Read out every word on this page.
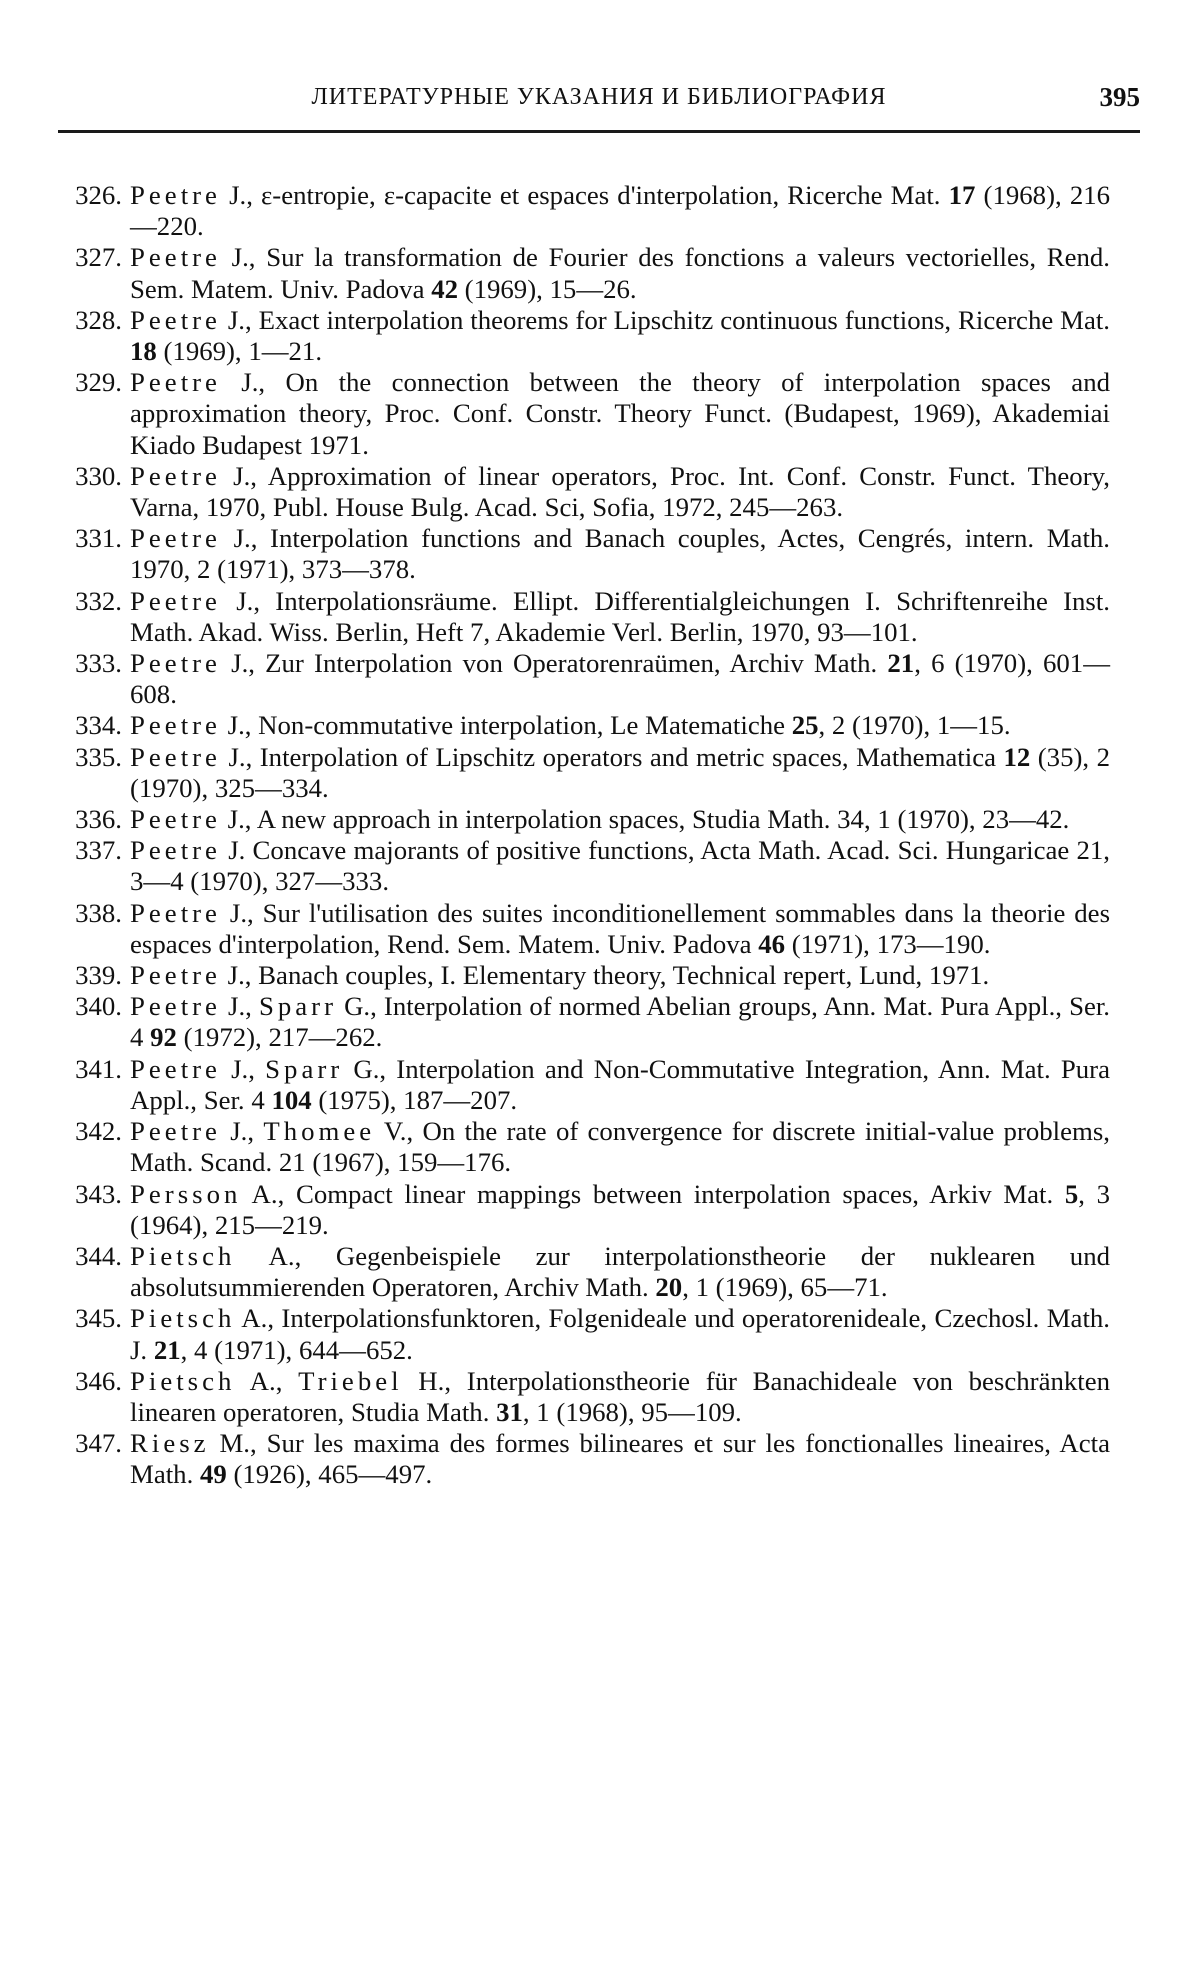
ЛИТЕРАТУРНЫЕ УКАЗАНИЯ И БИБЛИОГРАФИЯ	395
326. Peetre J., ε-entropie, ε-capacite et espaces d'interpolation, Ricerche Mat. 17 (1968), 216—220.
327. Peetre J., Sur la transformation de Fourier des fonctions a valeurs vectorielles, Rend. Sem. Matem. Univ. Padova 42 (1969), 15—26.
328. Peetre J., Exact interpolation theorems for Lipschitz continuous functions, Ricerche Mat. 18 (1969), 1—21.
329. Peetre J., On the connection between the theory of interpolation spaces and approximation theory, Proc. Conf. Constr. Theory Funct. (Budapest, 1969), Akademiai Kiado Budapest 1971.
330. Peetre J., Approximation of linear operators, Proc. Int. Conf. Constr. Funct. Theory, Varna, 1970, Publ. House Bulg. Acad. Sci, Sofia, 1972, 245—263.
331. Peetre J., Interpolation functions and Banach couples, Actes, Cengrés, intern. Math. 1970, 2 (1971), 373—378.
332. Peetre J., Interpolationsräume. Ellipt. Differentialgleichungen I. Schriftenreihe Inst. Math. Akad. Wiss. Berlin, Heft 7, Akademie Verl. Berlin, 1970, 93—101.
333. Peetre J., Zur Interpolation von Operatorenraümen, Archiv Math. 21, 6 (1970), 601—608.
334. Peetre J., Non-commutative interpolation, Le Matematiche 25, 2 (1970), 1—15.
335. Peetre J., Interpolation of Lipschitz operators and metric spaces, Mathematica 12 (35), 2 (1970), 325—334.
336. Peetre J., A new approach in interpolation spaces, Studia Math. 34, 1 (1970), 23—42.
337. Peetre J. Concave majorants of positive functions, Acta Math. Acad. Sci. Hungaricae 21, 3—4 (1970), 327—333.
338. Peetre J., Sur l'utilisation des suites inconditionellement sommables dans la theorie des espaces d'interpolation, Rend. Sem. Matem. Univ. Padova 46 (1971), 173—190.
339. Peetre J., Banach couples, I. Elementary theory, Technical repert, Lund, 1971.
340. Peetre J., Sparr G., Interpolation of normed Abelian groups, Ann. Mat. Pura Appl., Ser. 4 92 (1972), 217—262.
341. Peetre J., Sparr G., Interpolation and Non-Commutative Integration, Ann. Mat. Pura Appl., Ser. 4 104 (1975), 187—207.
342. Peetre J., Thomee V., On the rate of convergence for discrete initial-value problems, Math. Scand. 21 (1967), 159—176.
343. Persson A., Compact linear mappings between interpolation spaces, Arkiv Mat. 5, 3 (1964), 215—219.
344. Pietsch A., Gegenbeispiele zur interpolationstheorie der nuklearen und absolutsummierenden Operatoren, Archiv Math. 20, 1 (1969), 65—71.
345. Pietsch A., Interpolationsfunktoren, Folgenideale und operatorenideale, Czechosl. Math. J. 21, 4 (1971), 644—652.
346. Pietsch A., Triebel H., Interpolationstheorie für Banachideale von beschränkten linearen operatoren, Studia Math. 31, 1 (1968), 95—109.
347. Riesz M., Sur les maxima des formes bilineares et sur les fonctionalles lineaires, Acta Math. 49 (1926), 465—497.
